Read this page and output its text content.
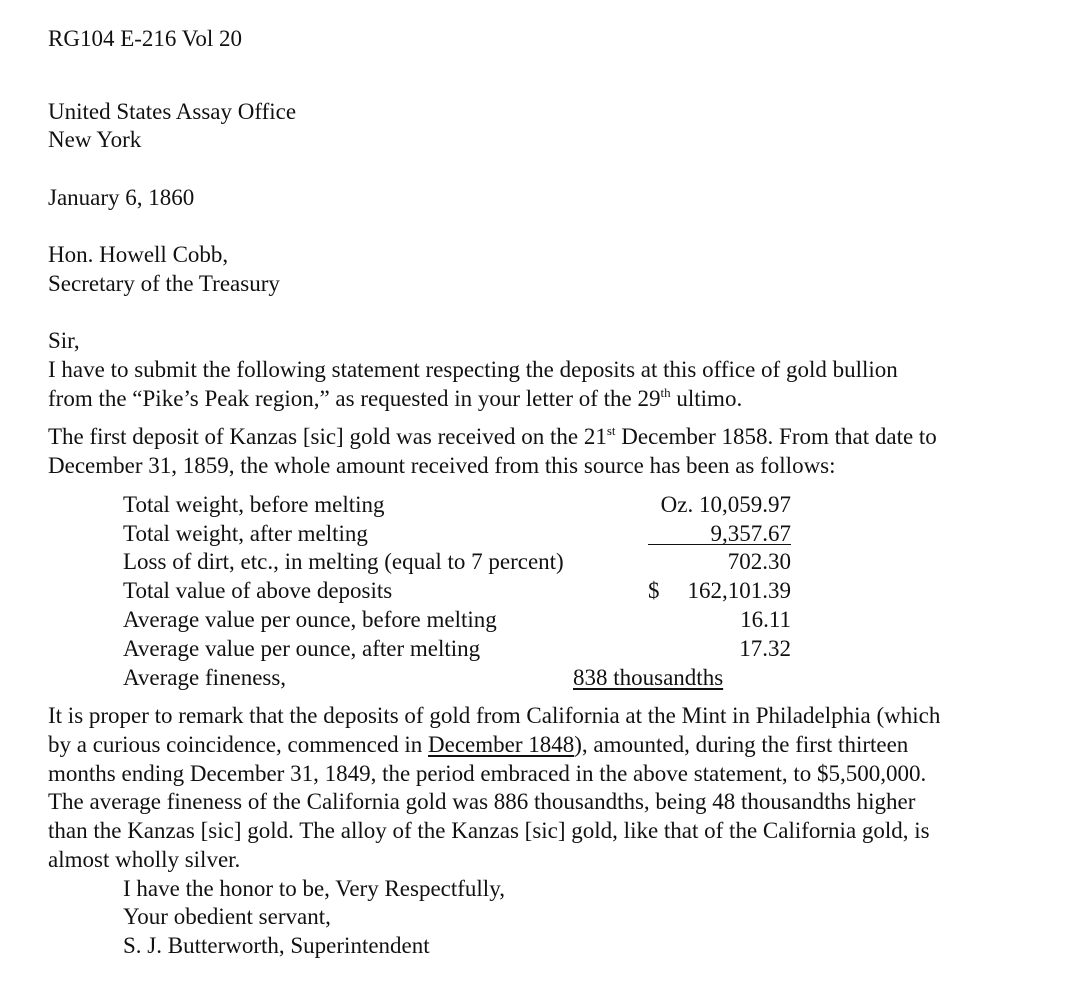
RG104 E-216 Vol 20
United States Assay Office
New York
January 6, 1860
Hon. Howell Cobb,
Secretary of the Treasury
Sir,
I have to submit the following statement respecting the deposits at this office of gold bullion
from the “Pike’s Peak region,” as requested in your letter of the 29th ultimo.
The first deposit of Kanzas [sic] gold was received on the 21st December 1858. From that date to
December 31, 1859, the whole amount received from this source has been as follows:
Total weight, before melting	Oz. 10,059.97
Total weight, after melting	9,357.67
Loss of dirt, etc., in melting (equal to 7 percent)	702.30
Total value of above deposits	$ 162,101.39
Average value per ounce, before melting	16.11
Average value per ounce, after melting	17.32
Average fineness,	838 thousandths
It is proper to remark that the deposits of gold from California at the Mint in Philadelphia (which
by a curious coincidence, commenced in December 1848), amounted, during the first thirteen
months ending December 31, 1849, the period embraced in the above statement, to $5,500,000.
The average fineness of the California gold was 886 thousandths, being 48 thousandths higher
than the Kanzas [sic] gold. The alloy of the Kanzas [sic] gold, like that of the California gold, is
almost wholly silver.
I have the honor to be, Very Respectfully,
Your obedient servant,
S. J. Butterworth, Superintendent
